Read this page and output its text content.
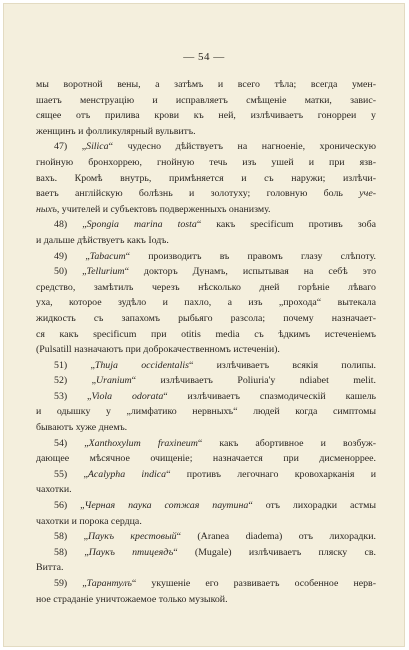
— 54 —
мы воротной вены, а затѣмъ и всего тѣла; всегда умен-
шаетъ менструацію и исправляетъ смѣщеніе матки, завис-
сящее отъ прилива крови къ ней, излѣчиваетъ гонорреи у
женщинъ и фолликулярный вульвитъ.
47) „Silica“ чудесно дѣйствуетъ на нагноеніе, хроническую
гнойную бронхоррею, гнойную течь изъ ушей и при язв-
вахъ. Кромѣ внутрь, примѣняется и съ наружи; излѣчи-
ваетъ англійскую болѣзнь и золотуху; головную боль уче-
ныхъ, учителей и субъектовъ подверженныхъ онанизму.
48) „Spongia marina tosta“ какъ specificum противъ зоба
и дальше дѣйствуетъ какъ Iодъ.
49) „Tabacum“ производитъ въ правомъ глазу слѣпоту.
50) „Tellurium“ докторъ Дунамъ, испытывая на себѣ это
средство, замѣтилъ черезъ нѣсколько дней горѣніе лѣваго
уха, которое зудѣло и пахло, а изъ „прохода“ вытекала
жидкость съ запахомъ рыбьяго разсола; почему назначает-
ся какъ specificum при otitis media съ ѣдкимъ истеченіемъ
(Pulsatill назначаютъ при доброкачественномъ истеченіи).
51) „Thuja occidentalis“ излѣчиваетъ всякія полипы.
52) „Uranium“ излѣчиваетъ Poliuria'у ndiabet melit.
53) „Viola odorata“ излѣчиваетъ спазмодическій кашель
и одышку у „лимфатико нервныхъ“ людей когда симптомы
бываютъ хуже днемъ.
54) „Xanthoxylum fraxineum“ какъ абортивное и возбуж-
дающее мѣсячное очищеніе; назначается при дисменоррее.
55) „Acalypha indica“ противъ легочнаго кровохарканія и
чахотки.
56) „Черная паука сотжая паутина“ отъ лихорадки астмы
чахотки и порока сердца.
58) „Паукъ крестовый“ (Aranea diadema) отъ лихорадки.
58) „Паукъ птицеядъ“ (Mugale) излѣчиваетъ пляску св.
Витта.
59) „Тарантулъ“ укушеніе его развиваетъ особенное нерв-
ное страданіе уничтожаемое только музыкой.
